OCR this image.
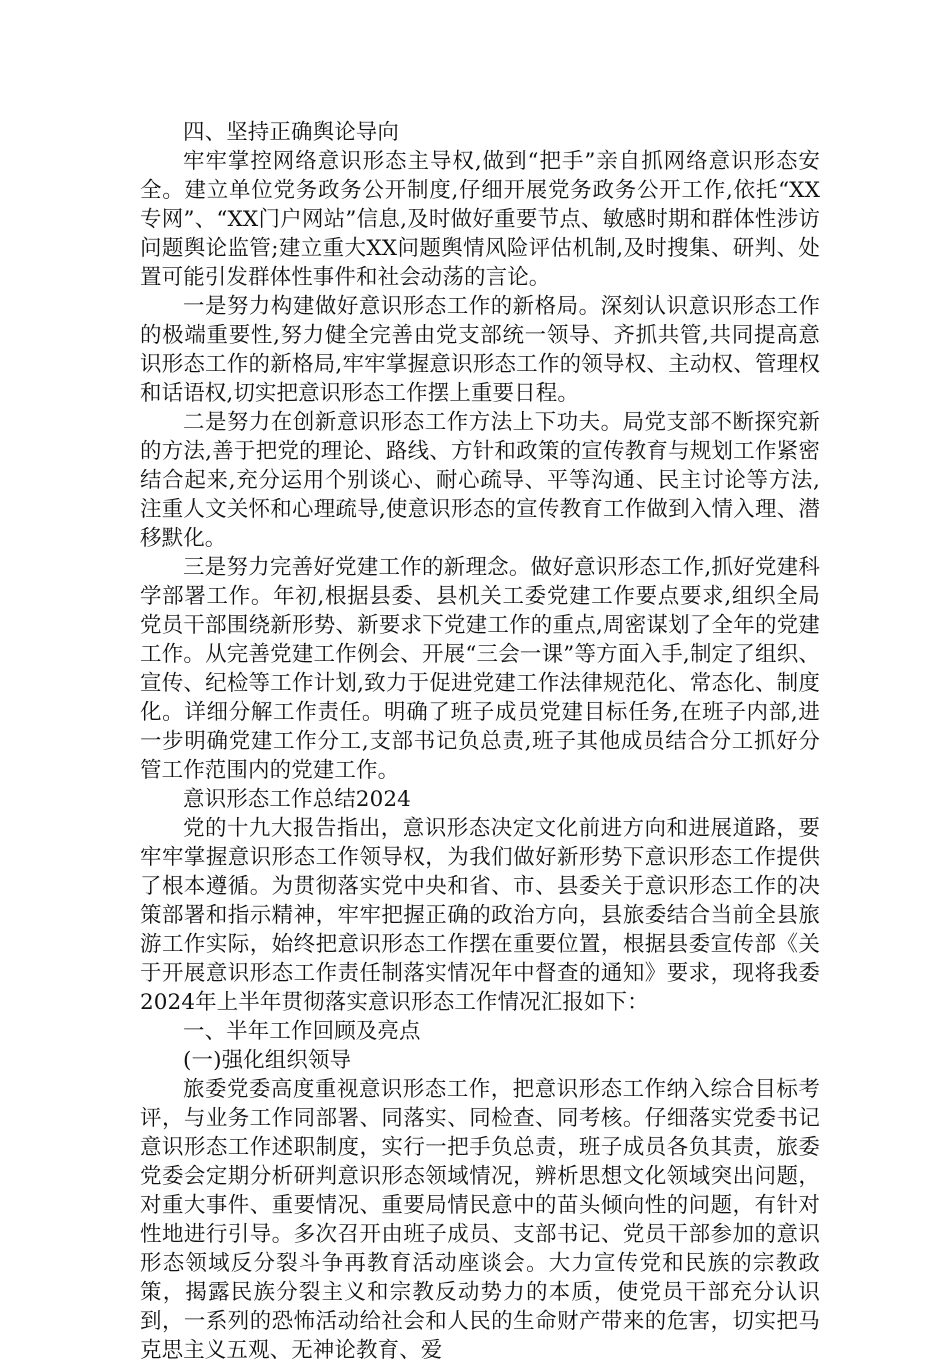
四、坚持正确舆论导向

牢牢掌控网络意识形态主导权,做到“把手”亲自抓网络意识形态安全。建立单位党务政务公开制度,仔细开展党务政务公开工作,依托“XX专网”、“XX门户网站”信息,及时做好重要节点、敏感时期和群体性涉访问题舆论监管;建立重大XX问题舆情风险评估机制,及时搜集、研判、处置可能引发群体性事件和社会动荡的言论。

一是努力构建做好意识形态工作的新格局。深刻认识意识形态工作的极端重要性,努力健全完善由党支部统一领导、齐抓共管,共同提高意识形态工作的新格局,牢牢掌握意识形态工作的领导权、主动权、管理权和话语权,切实把意识形态工作摆上重要日程。

二是努力在创新意识形态工作方法上下功夫。局党支部不断探究新的方法,善于把党的理论、路线、方针和政策的宣传教育与规划工作紧密结合起来,充分运用个别谈心、耐心疏导、平等沟通、民主讨论等方法,注重人文关怀和心理疏导,使意识形态的宣传教育工作做到入情入理、潜移默化。

三是努力完善好党建工作的新理念。做好意识形态工作,抓好党建科学部署工作。年初,根据县委、县机关工委党建工作要点要求,组织全局党员干部围绕新形势、新要求下党建工作的重点,周密谋划了全年的党建工作。从完善党建工作例会、开展“三会一课”等方面入手,制定了组织、宣传、纪检等工作计划,致力于促进党建工作法律规范化、常态化、制度化。详细分解工作责任。明确了班子成员党建目标任务,在班子内部,进一步明确党建工作分工,支部书记负总责,班子其他成员结合分工抓好分管工作范围内的党建工作。

意识形态工作总结2024

党的十九大报告指出，意识形态决定文化前进方向和进展道路，要牢牢掌握意识形态工作领导权，为我们做好新形势下意识形态工作提供了根本遵循。为贯彻落实党中央和省、市、县委关于意识形态工作的决策部署和指示精神，牢牢把握正确的政治方向，县旅委结合当前全县旅游工作实际，始终把意识形态工作摆在重要位置，根据县委宣传部《关于开展意识形态工作责任制落实情况年中督查的通知》要求，现将我委2024年上半年贯彻落实意识形态工作情况汇报如下：

一、半年工作回顾及亮点

(一)强化组织领导

旅委党委高度重视意识形态工作，把意识形态工作纳入综合目标考评，与业务工作同部署、同落实、同检查、同考核。仔细落实党委书记意识形态工作述职制度，实行一把手负总责，班子成员各负其责，旅委党委会定期分析研判意识形态领域情况，辨析思想文化领域突出问题，对重大事件、重要情况、重要局情民意中的苗头倾向性的问题，有针对性地进行引导。多次召开由班子成员、支部书记、党员干部参加的意识形态领域反分裂斗争再教育活动座谈会。大力宣传党和民族的宗教政策，揭露民族分裂主义和宗教反动势力的本质，使党员干部充分认识到，一系列的恐怖活动给社会和人民的生命财产带来的危害，切实把马克思主义五观、无神论教育、爱
